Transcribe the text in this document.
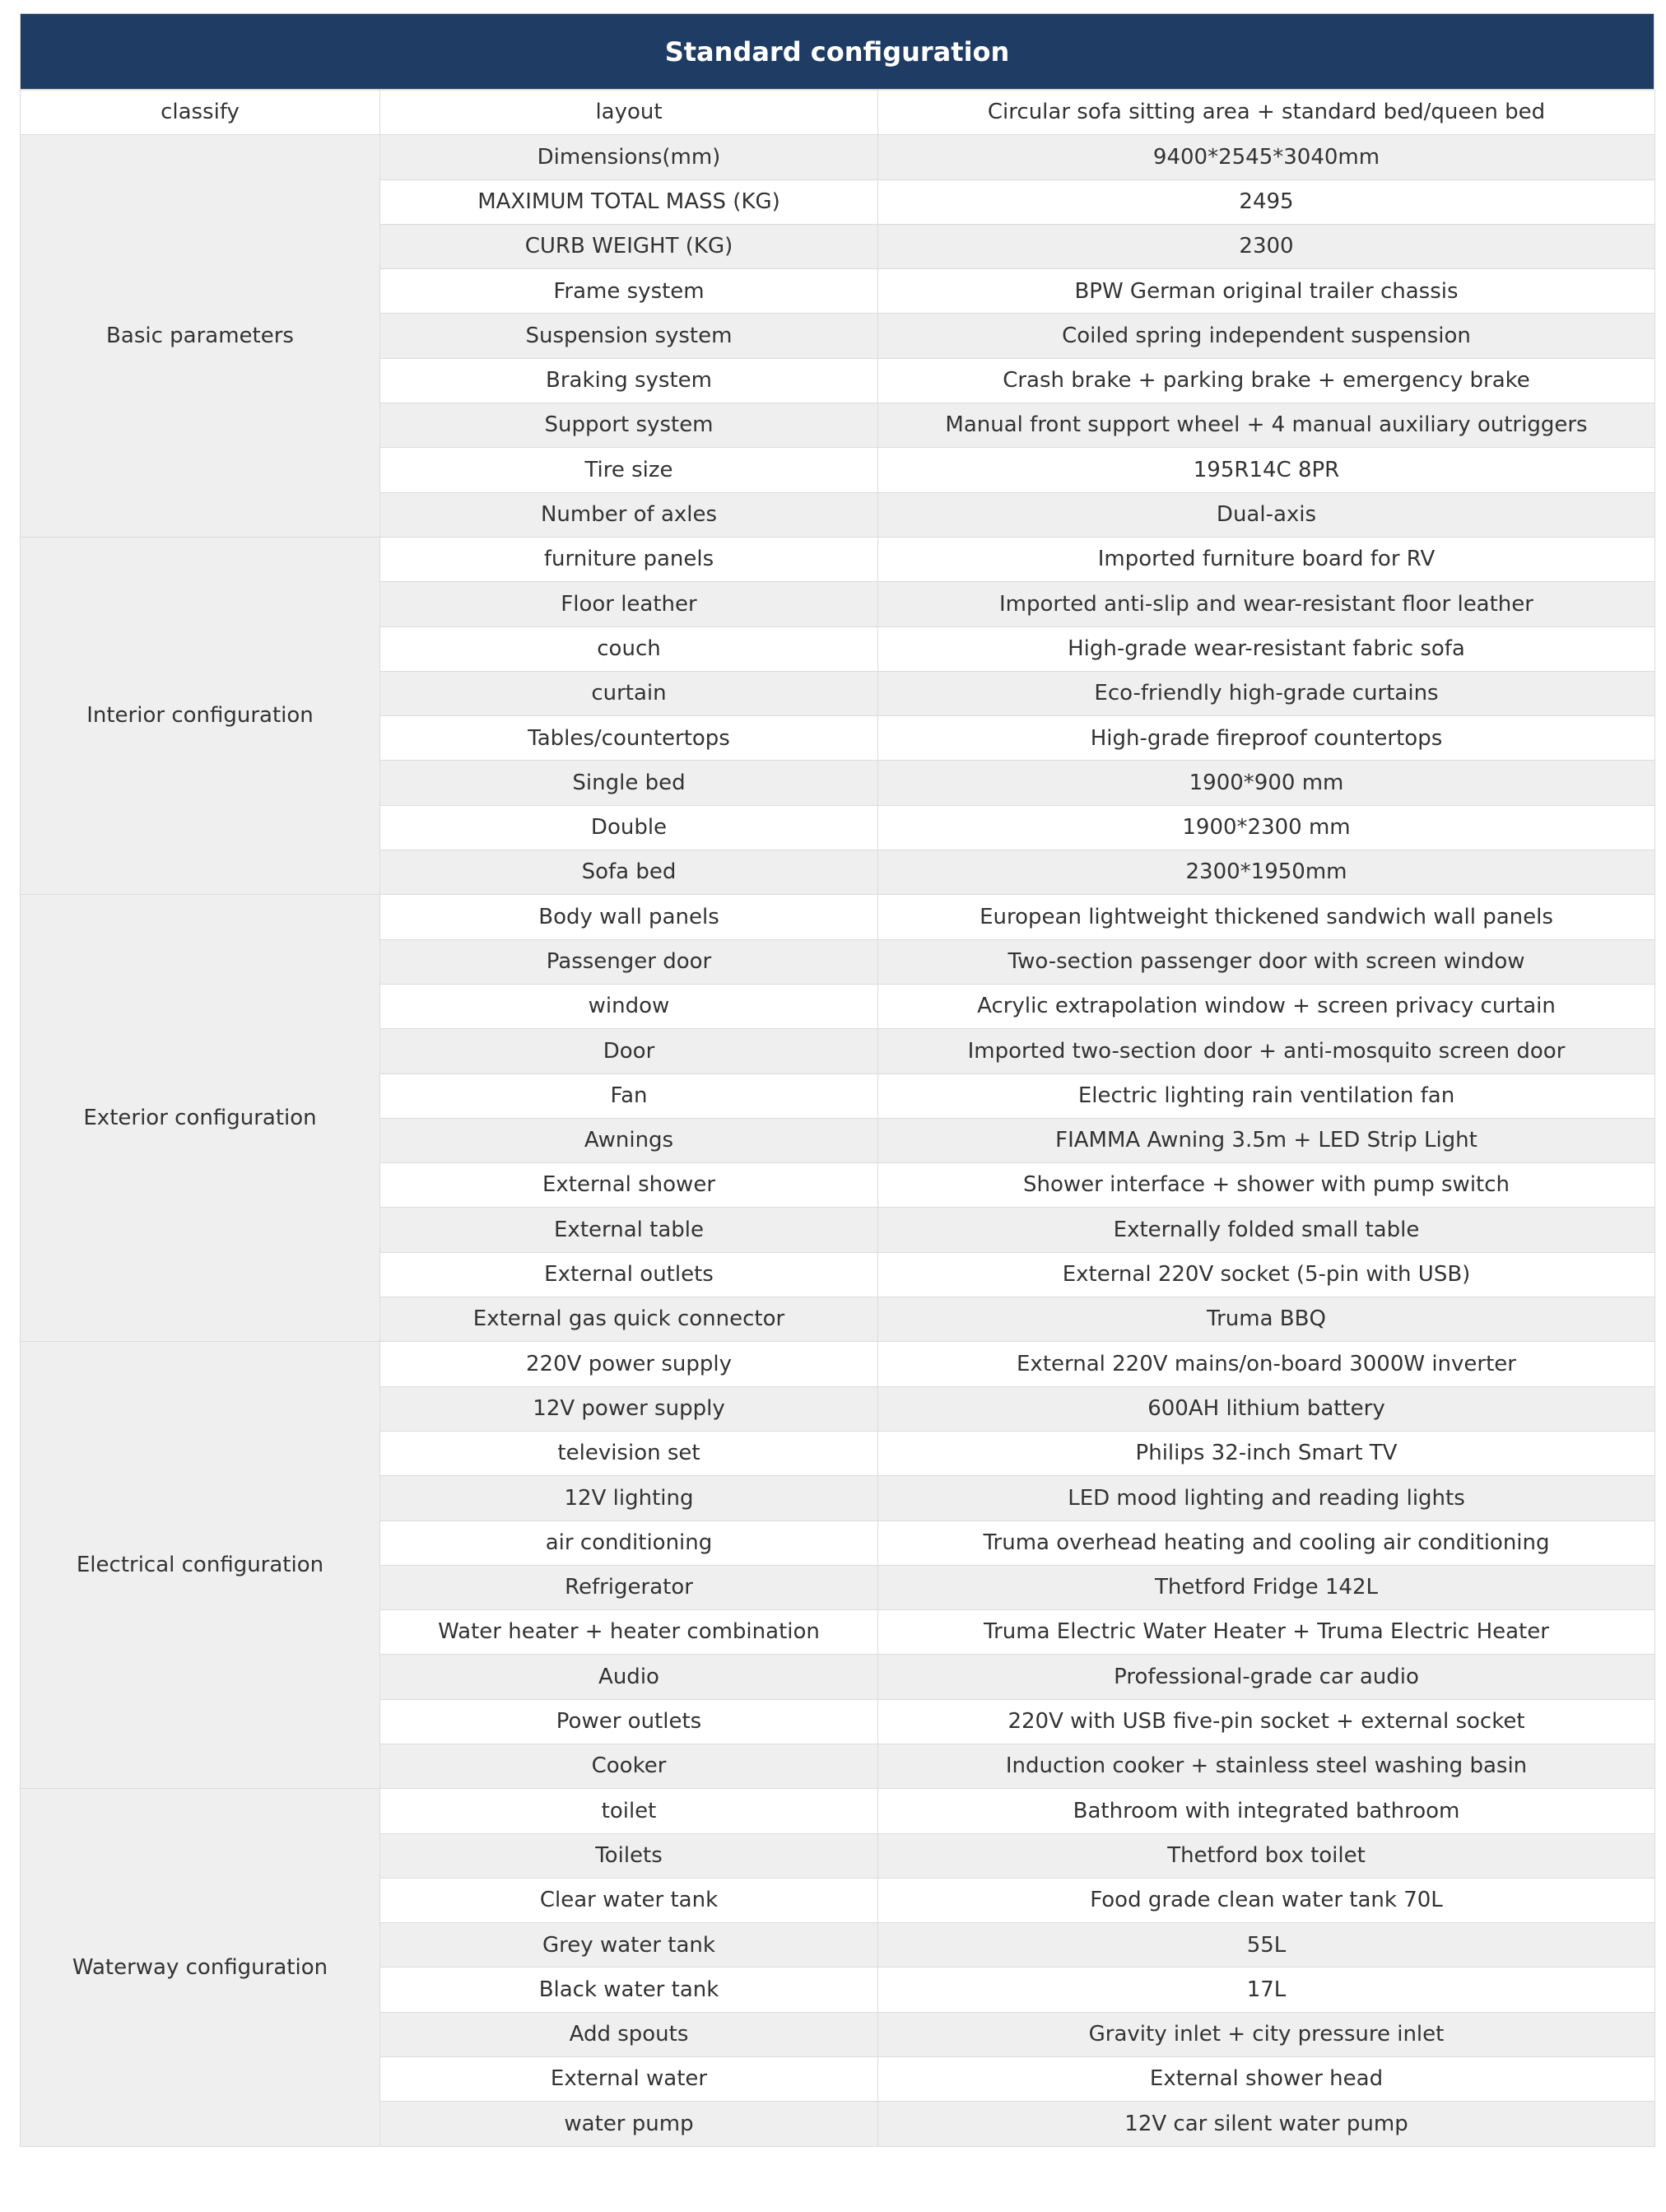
Standard configuration
classify	layout	Circular sofa sitting area + standard bed/queen bed
Basic parameters	Dimensions(mm)	9400*2545*3040mm
	MAXIMUM TOTAL MASS (KG)	2495
	CURB WEIGHT (KG)	2300
	Frame system	BPW German original trailer chassis
	Suspension system	Coiled spring independent suspension
	Braking system	Crash brake + parking brake + emergency brake
	Support system	Manual front support wheel + 4 manual auxiliary outriggers
	Tire size	195R14C 8PR
	Number of axles	Dual-axis
Interior configuration	furniture panels	Imported furniture board for RV
	Floor leather	Imported anti-slip and wear-resistant floor leather
	couch	High-grade wear-resistant fabric sofa
	curtain	Eco-friendly high-grade curtains
	Tables/countertops	High-grade fireproof countertops
	Single bed	1900*900 mm
	Double	1900*2300 mm
	Sofa bed	2300*1950mm
Exterior configuration	Body wall panels	European lightweight thickened sandwich wall panels
	Passenger door	Two-section passenger door with screen window
	window	Acrylic extrapolation window + screen privacy curtain
	Door	Imported two-section door + anti-mosquito screen door
	Fan	Electric lighting rain ventilation fan
	Awnings	FIAMMA Awning 3.5m + LED Strip Light
	External shower	Shower interface + shower with pump switch
	External table	Externally folded small table
	External outlets	External 220V socket (5-pin with USB)
	External gas quick connector	Truma BBQ
Electrical configuration	220V power supply	External 220V mains/on-board 3000W inverter
	12V power supply	600AH lithium battery
	television set	Philips 32-inch Smart TV
	12V lighting	LED mood lighting and reading lights
	air conditioning	Truma overhead heating and cooling air conditioning
	Refrigerator	Thetford Fridge 142L
	Water heater + heater combination	Truma Electric Water Heater + Truma Electric Heater
	Audio	Professional-grade car audio
	Power outlets	220V with USB five-pin socket + external socket
	Cooker	Induction cooker + stainless steel washing basin
Waterway configuration	toilet	Bathroom with integrated bathroom
	Toilets	Thetford box toilet
	Clear water tank	Food grade clean water tank 70L
	Grey water tank	55L
	Black water tank	17L
	Add spouts	Gravity inlet + city pressure inlet
	External water	External shower head
	water pump	12V car silent water pump
